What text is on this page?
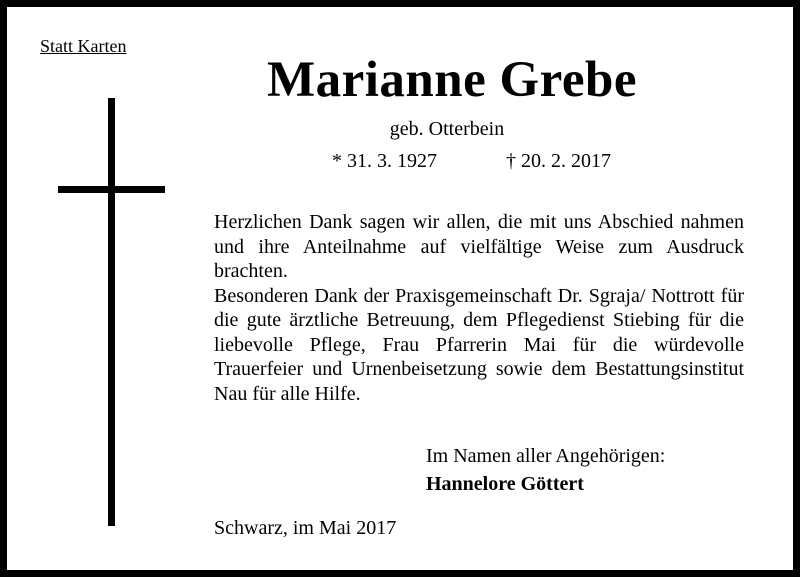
Statt Karten
Marianne Grebe
geb. Otterbein
* 31. 3. 1927	† 20. 2. 2017

Herzlichen Dank sagen wir allen, die mit uns Abschied nahmen und ihre Anteilnahme auf vielfältige Weise zum Ausdruck brachten.

Besonderen Dank der Praxisgemeinschaft Dr. Sgraja/ Nottrott für die gute ärztliche Betreuung, dem Pflegedienst Stiebing für die liebevolle Pflege, Frau Pfarrerin Mai für die würdevolle Trauerfeier und Urnenbeisetzung sowie dem Bestattungsinstitut Nau für alle Hilfe.

Im Namen aller Angehörigen:
Hannelore Göttert
Schwarz, im Mai 2017
